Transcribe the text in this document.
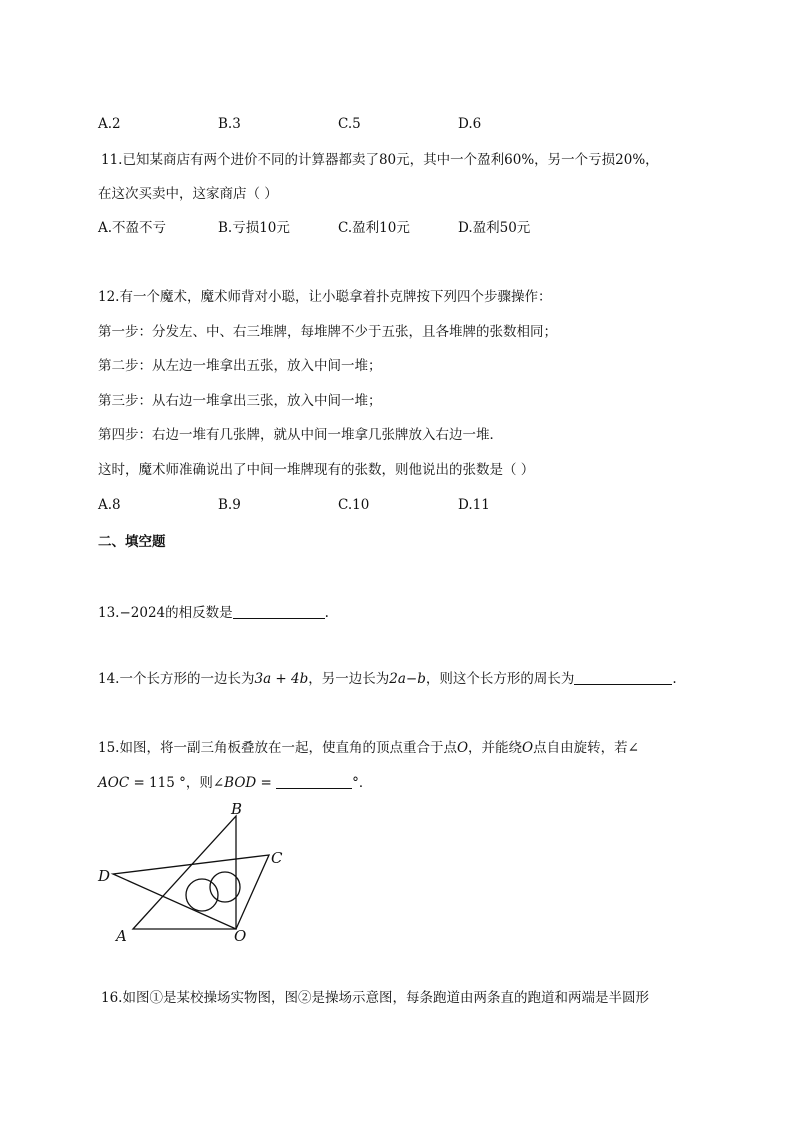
A.2	B.3	C.5	D.6
11.已知某商店有两个进价不同的计算器都卖了80元，其中一个盈利60%，另一个亏损20%，
在这次买卖中，这家商店（ ）
A.不盈不亏	B.亏损10元	C.盈利10元	D.盈利50元
12.有一个魔术，魔术师背对小聪，让小聪拿着扑克牌按下列四个步骤操作：
第一步：分发左、中、右三堆牌，每堆牌不少于五张，且各堆牌的张数相同；
第二步：从左边一堆拿出五张，放入中间一堆；
第三步：从右边一堆拿出三张，放入中间一堆；
第四步：右边一堆有几张牌，就从中间一堆拿几张牌放入右边一堆．
这时，魔术师准确说出了中间一堆牌现有的张数，则他说出的张数是（ ）
A.8	B.9	C.10	D.11
二、填空题
13.−2024的相反数是	.
14.一个长方形的一边长为3a + 4b，另一边长为2a−b，则这个长方形的周长为	.
15.如图，将一副三角板叠放在一起，使直角的顶点重合于点O，并能绕O点自由旋转，若∠
AOC = 115 °，则∠BOD =	°．
B
C
D
A	O
16.如图①是某校操场实物图，图②是操场示意图，每条跑道由两条直的跑道和两端是半圆形
